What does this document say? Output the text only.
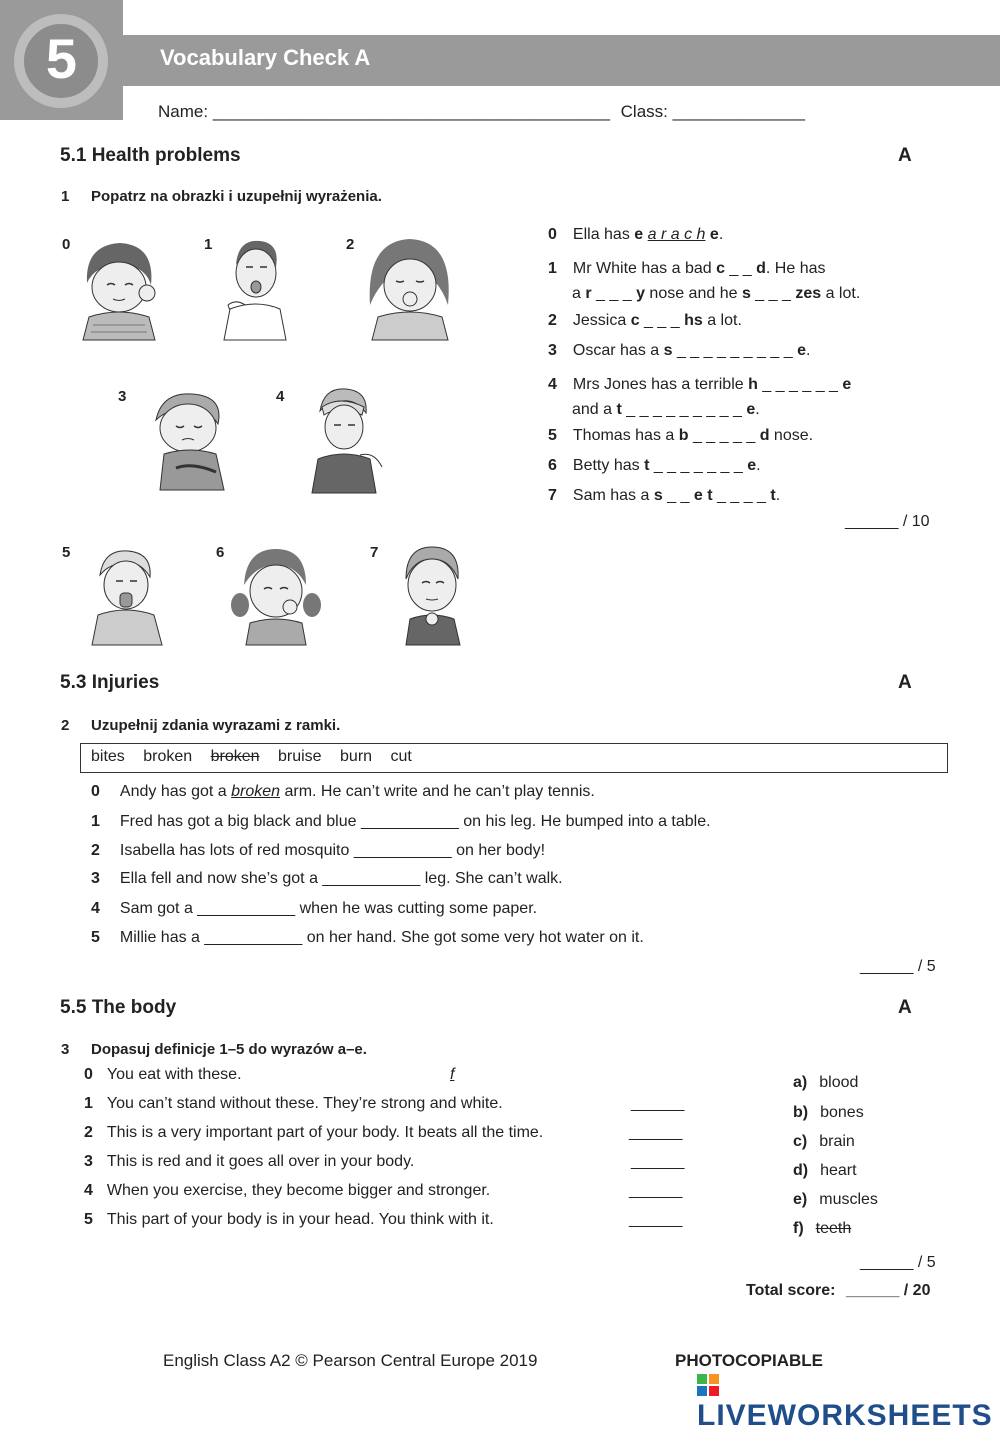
5	Vocabulary Check A
Name: __________________________________________ Class: ______________
5.1 Health problems	A
1 Popatrz na obrazki i uzupełnij wyrażenia.
0	1	2
3	4
5	6	7
0 Ella has e a r a c h e.
1 Mr White has a bad c _ _ d. He has
a r _ _ _ y nose and he s _ _ _ zes a lot.
2 Jessica c _ _ _ hs a lot.
3 Oscar has a s _ _ _ _ _ _ _ _ _ e.
4 Mrs Jones has a terrible h _ _ _ _ _ _ e
and a t _ _ _ _ _ _ _ _ _ e.
5 Thomas has a b _ _ _ _ _ d nose.
6 Betty has t _ _ _ _ _ _ _ e.
7 Sam has a s _ _ e t _ _ _ _ t.
______ / 10
5.3 Injuries	A
2 Uzupełnij zdania wyrazami z ramki.
bites broken broken bruise burn cut
0 Andy has got a broken arm. He can’t write and he can’t play tennis.
1 Fred has got a big black and blue ___________ on his leg. He bumped into a table.
2 Isabella has lots of red mosquito ___________ on her body!
3 Ella fell and now she’s got a ___________ leg. She can’t walk.
4 Sam got a ___________ when he was cutting some paper.
5 Millie has a ___________ on her hand. She got some very hot water on it.
______ / 5
5.5 The body	A
3 Dopasuj definicje 1–5 do wyrazów a–e.
0 You eat with these.	f
1 You can’t stand without these. They’re strong and white.	______
2 This is a very important part of your body. It beats all the time.	______
3 This is red and it goes all over in your body.	______
4 When you exercise, they become bigger and stronger.	______
5 This part of your body is in your head. You think with it.	______
a) blood
b) bones
c) brain
d) heart
e) muscles
f) teeth
______ / 5
Total score: ______ / 20
English Class A2 © Pearson Central Europe 2019	PHOTOCOPIABLE
LIVEWORKSHEETS
